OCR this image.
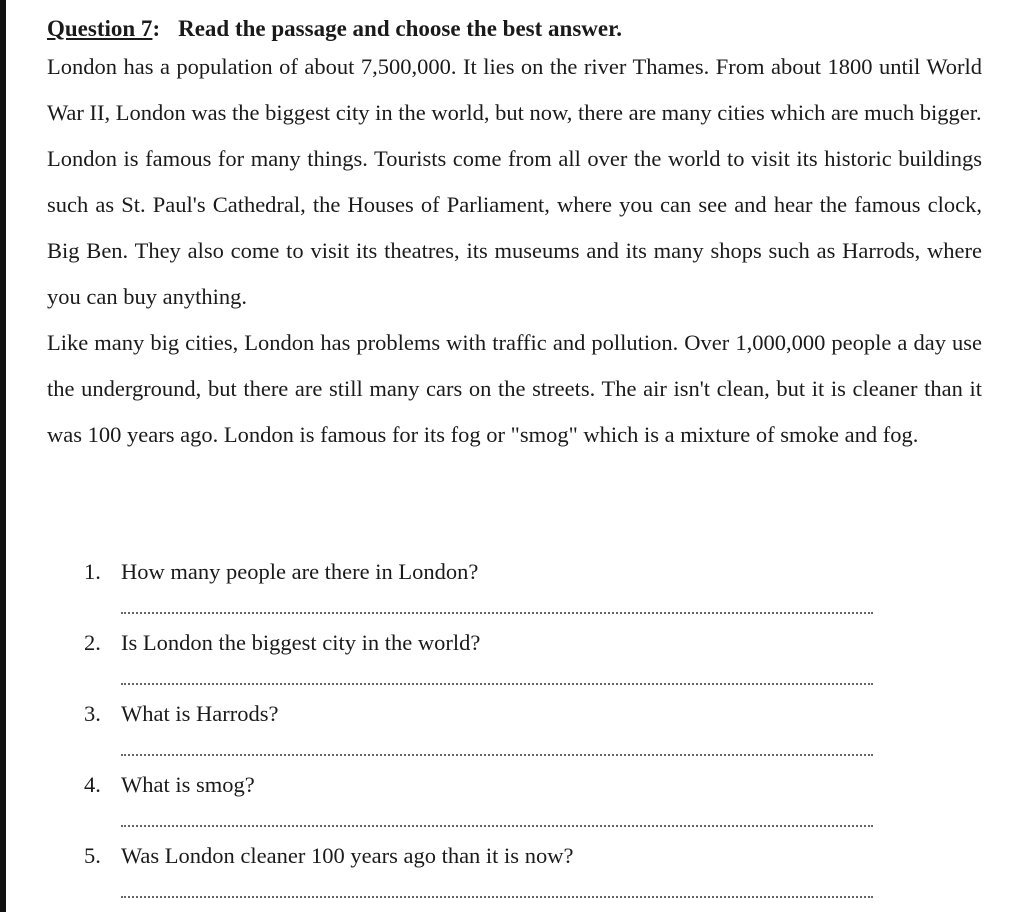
Question 7: Read the passage and choose the best answer.

London has a population of about 7,500,000. It lies on the river Thames. From about 1800 until World War II, London was the biggest city in the world, but now, there are many cities which are much bigger.

London is famous for many things. Tourists come from all over the world to visit its historic buildings such as St. Paul's Cathedral, the Houses of Parliament, where you can see and hear the famous clock, Big Ben. They also come to visit its theatres, its museums and its many shops such as Harrods, where you can buy anything.

Like many big cities, London has problems with traffic and pollution. Over 1,000,000 people a day use the underground, but there are still many cars on the streets. The air isn't clean, but it is cleaner than it was 100 years ago. London is famous for its fog or "smog" which is a mixture of smoke and fog.

1. How many people are there in London?
2. Is London the biggest city in the world?
3. What is Harrods?
4. What is smog?
5. Was London cleaner 100 years ago than it is now?
